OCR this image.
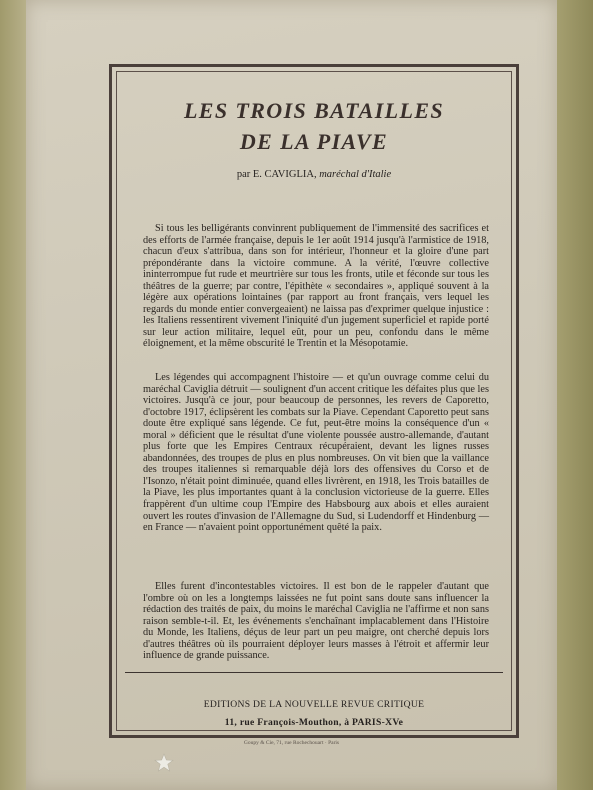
LES TROIS BATAILLES
DE LA PIAVE
par E. CAVIGLIA, maréchal d'Italie

Si tous les belligérants convinrent publiquement de l'immensité des sacrifices et des efforts de l'armée française, depuis le 1er août 1914 jusqu'à l'armistice de 1918, chacun d'eux s'attribua, dans son for intérieur, l'honneur et la gloire d'une part prépondérante dans la victoire commune. A la vérité, l'œuvre collective ininterrompue fut rude et meurtrière sur tous les fronts, utile et féconde sur tous les théâtres de la guerre; par contre, l'épithète « secondaires », appliqué souvent à la légère aux opérations lointaines (par rapport au front français, vers lequel les regards du monde entier convergeaient) ne laissa pas d'exprimer quelque injustice : les Italiens ressentirent vivement l'iniquité d'un jugement superficiel et rapide porté sur leur action militaire, lequel eût, pour un peu, confondu dans le même éloignement, et la même obscurité le Trentin et la Mésopotamie.

Les légendes qui accompagnent l'histoire — et qu'un ouvrage comme celui du maréchal Caviglia détruit — soulignent d'un accent critique les défaites plus que les victoires. Jusqu'à ce jour, pour beaucoup de personnes, les revers de Caporetto, d'octobre 1917, éclipsèrent les combats sur la Piave. Cependant Caporetto peut sans doute être expliqué sans légende. Ce fut, peut-être moins la conséquence d'un « moral » déficient que le résultat d'une violente poussée austro-allemande, d'autant plus forte que les Empires Centraux récupéraient, devant les lignes russes abandonnées, des troupes de plus en plus nombreuses. On vit bien que la vaillance des troupes italiennes si remarquable déjà lors des offensives du Corso et de l'Isonzo, n'était point diminuée, quand elles livrèrent, en 1918, les Trois batailles de la Piave, les plus importantes quant à la conclusion victorieuse de la guerre. Elles frappèrent d'un ultime coup l'Empire des Habsbourg aux abois et elles auraient ouvert les routes d'invasion de l'Allemagne du Sud, si Ludendorff et Hindenburg — en France — n'avaient point opportunément quêté la paix.

Elles furent d'incontestables victoires. Il est bon de le rappeler d'autant que l'ombre où on les a longtemps laissées ne fut point sans doute sans influencer la rédaction des traités de paix, du moins le maréchal Caviglia ne l'affirme et non sans raison semble-t-il. Et, les événements s'enchaînant implacablement dans l'Histoire du Monde, les Italiens, déçus de leur part un peu maigre, ont cherché depuis lors d'autres théâtres où ils pourraient déployer leurs masses à l'étroit et affermir leur influence de grande puissance.

EDITIONS DE LA NOUVELLE REVUE CRITIQUE
11, rue François-Mouthon, à PARIS-XVe
Goupy & Cie, 71, rue Rochechouart · Paris
